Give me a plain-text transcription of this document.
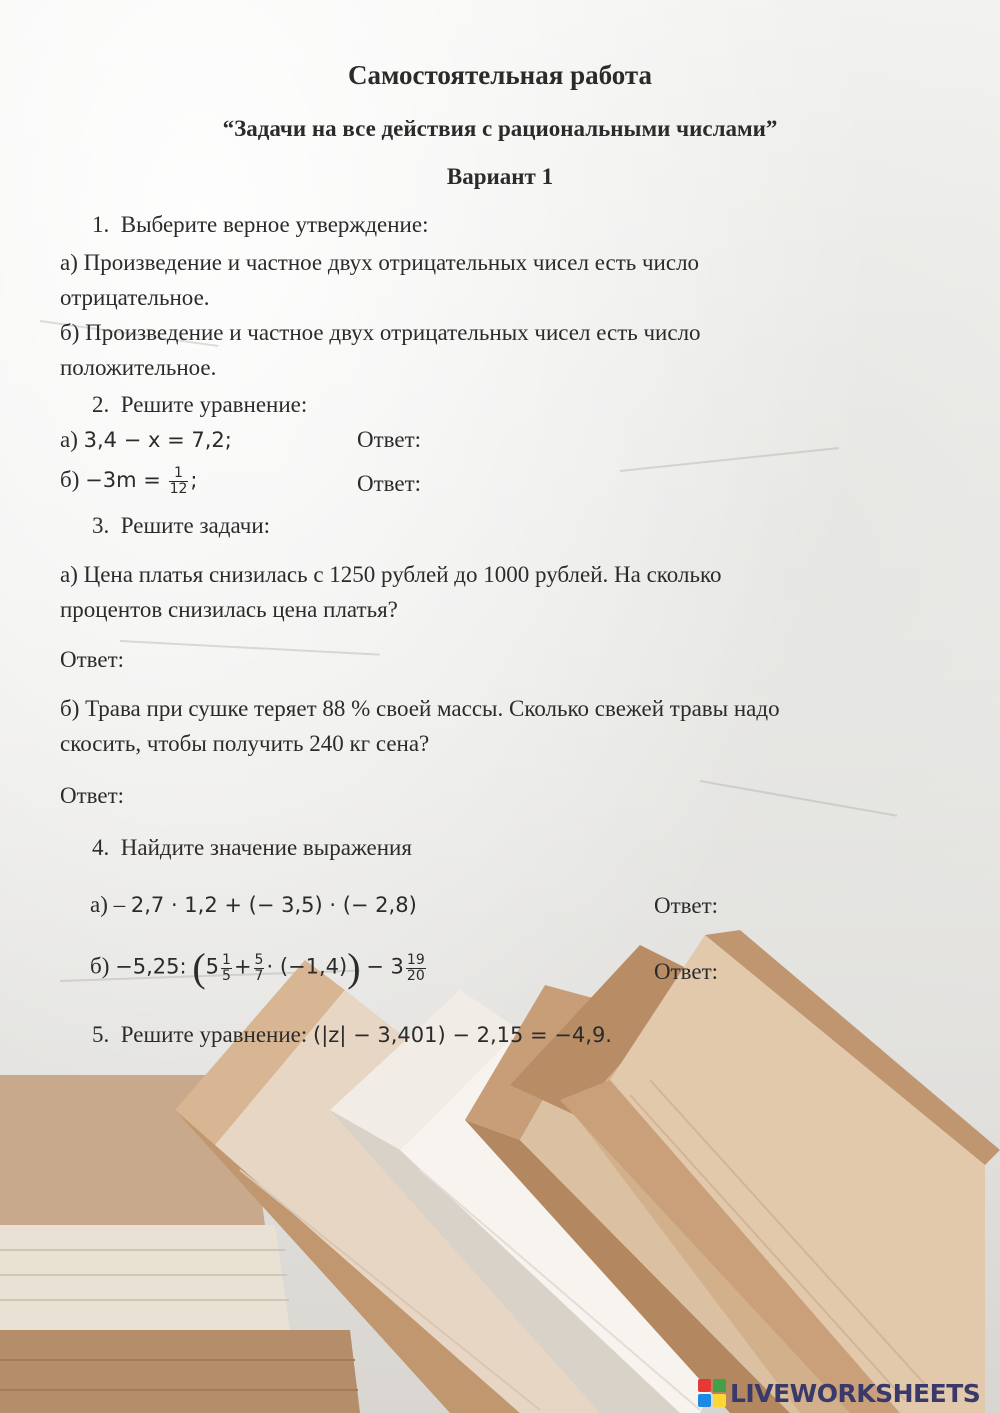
Самостоятельная работа
“Задачи на все действия с рациональными числами”
Вариант 1
1. Выберите верное утверждение:
а) Произведение и частное двух отрицательных чисел есть число
отрицательное.
б) Произведение и частное двух отрицательных чисел есть число
положительное.
2. Решите уравнение:
а) 3,4 − x = 7,2;	Ответ:
$б) -3m = \frac{1}{12}$ ;	Ответ:
3. Решите задачи:
а) Цена платья снизилась с 1250 рублей до 1000 рублей. На сколько
процентов снизилась цена платья?
Ответ:
б) Трава при сушке теряет 88 % своей массы. Сколько свежей травы надо
скосить, чтобы получить 240 кг сена?
Ответ:
4. Найдите значение выражения
а) – 2,7 · 1,2 + (− 3,5) · (− 2,8)	Ответ:
б) −5,25: $(5 \frac{1}{5} + \frac{5}{7} \cdot (-1,4)) - 3 \frac{19}{20}$	Ответ:
5. Решите уравнение: (|z| − 3,401) − 2,15 = −4,9.
LIVEWORKSHEETS
